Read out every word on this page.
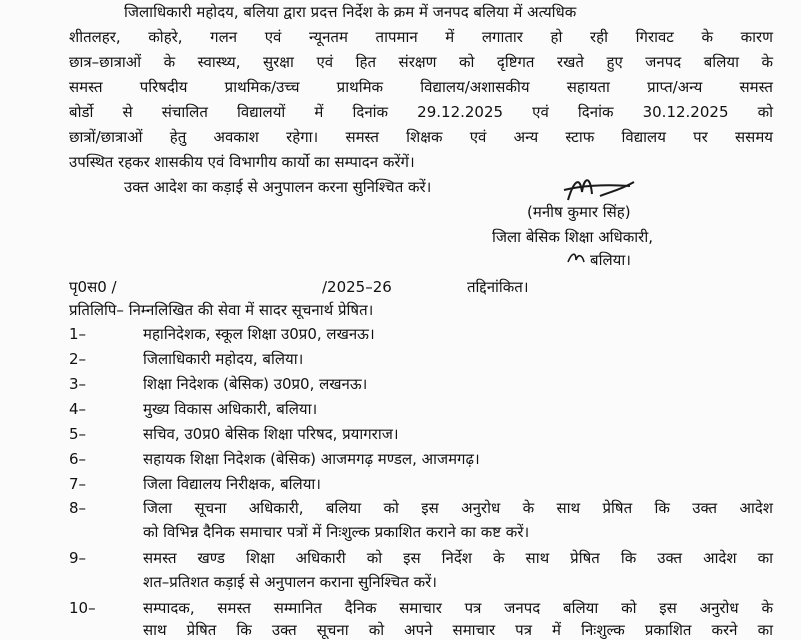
जिलाधिकारी महोदय, बलिया द्वारा प्रदत्त निर्देश के क्रम में जनपद बलिया में अत्यधिक
शीतलहर, कोहरे, गलन एवं न्यूनतम तापमान में लगातार हो रही गिरावट के कारण
छात्र–छात्राओं के स्वास्थ्य, सुरक्षा एवं हित संरक्षण को दृष्टिगत रखते हुए जनपद बलिया के
समस्त परिषदीय प्राथमिक/उच्च प्राथमिक विद्यालय/अशासकीय सहायता प्राप्त/अन्य समस्त
बोर्डो से संचालित विद्यालयों में दिनांक 29.12.2025 एवं दिनांक 30.12.2025 को
छात्रों/छात्राओं हेतु अवकाश रहेगा। समस्त शिक्षक एवं अन्य स्टाफ विद्यालय पर ससमय
उपस्थित रहकर शासकीय एवं विभागीय कार्यो का सम्पादन करेंगें।
उक्त आदेश का कड़ाई से अनुपालन करना सुनिश्चित करें।
(मनीष कुमार सिंह)
जिला बेसिक शिक्षा अधिकारी,
बलिया।
पृ0स0 /	/2025–26	तद्दिनांकित।
प्रतिलिपि– निम्नलिखित की सेवा में सादर सूचनार्थ प्रेषित।
1–	महानिदेशक, स्कूल शिक्षा उ0प्र0, लखनऊ।
2–	जिलाधिकारी महोदय, बलिया।
3–	शिक्षा निदेशक (बेसिक) उ0प्र0, लखनऊ।
4–	मुख्य विकास अधिकारी, बलिया।
5–	सचिव, उ0प्र0 बेसिक शिक्षा परिषद, प्रयागराज।
6–	सहायक शिक्षा निदेशक (बेसिक) आजमगढ़ मण्डल, आजमगढ़।
7–	जिला विद्यालय निरीक्षक, बलिया।
8–	जिला सूचना अधिकारी, बलिया को इस अनुरोध के साथ प्रेषित कि उक्त आदेश
को विभिन्न दैनिक समाचार पत्रों में निःशुल्क प्रकाशित कराने का कष्ट करें।
9–	समस्त खण्ड शिक्षा अधिकारी को इस निर्देश के साथ प्रेषित कि उक्त आदेश का
शत–प्रतिशत कड़ाई से अनुपालन कराना सुनिश्चित करें।
10–	सम्पादक, समस्त सम्मानित दैनिक समाचार पत्र जनपद बलिया को इस अनुरोध के
साथ प्रेषित कि उक्त सूचना को अपने समाचार पत्र में निःशुल्क प्रकाशित करने का
